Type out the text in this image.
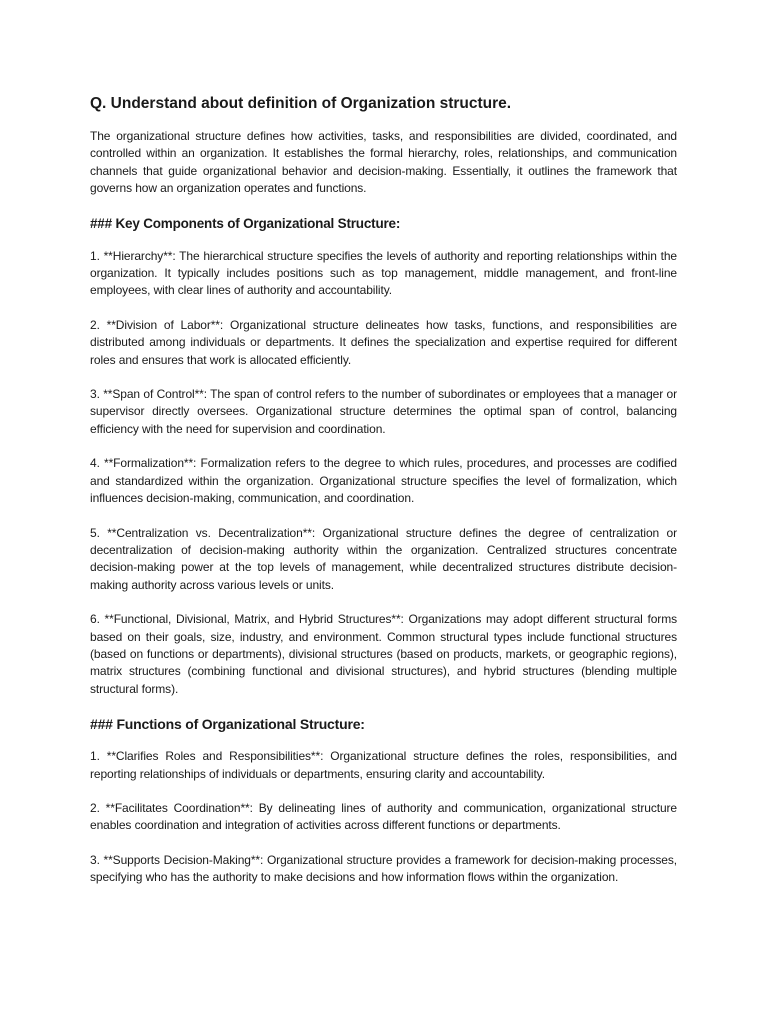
Q. Understand about definition of Organization structure.

The organizational structure defines how activities, tasks, and responsibilities are divided, coordinated, and controlled within an organization. It establishes the formal hierarchy, roles, relationships, and communication channels that guide organizational behavior and decision-making. Essentially, it outlines the framework that governs how an organization operates and functions.

### Key Components of Organizational Structure:

1. **Hierarchy**: The hierarchical structure specifies the levels of authority and reporting relationships within the organization. It typically includes positions such as top management, middle management, and front-line employees, with clear lines of authority and accountability.

2. **Division of Labor**: Organizational structure delineates how tasks, functions, and responsibilities are distributed among individuals or departments. It defines the specialization and expertise required for different roles and ensures that work is allocated efficiently.

3. **Span of Control**: The span of control refers to the number of subordinates or employees that a manager or supervisor directly oversees. Organizational structure determines the optimal span of control, balancing efficiency with the need for supervision and coordination.

4. **Formalization**: Formalization refers to the degree to which rules, procedures, and processes are codified and standardized within the organization. Organizational structure specifies the level of formalization, which influences decision-making, communication, and coordination.

5. **Centralization vs. Decentralization**: Organizational structure defines the degree of centralization or decentralization of decision-making authority within the organization. Centralized structures concentrate decision-making power at the top levels of management, while decentralized structures distribute decision-making authority across various levels or units.

6. **Functional, Divisional, Matrix, and Hybrid Structures**: Organizations may adopt different structural forms based on their goals, size, industry, and environment. Common structural types include functional structures (based on functions or departments), divisional structures (based on products, markets, or geographic regions), matrix structures (combining functional and divisional structures), and hybrid structures (blending multiple structural forms).

### Functions of Organizational Structure:

1. **Clarifies Roles and Responsibilities**: Organizational structure defines the roles, responsibilities, and reporting relationships of individuals or departments, ensuring clarity and accountability.

2. **Facilitates Coordination**: By delineating lines of authority and communication, organizational structure enables coordination and integration of activities across different functions or departments.

3. **Supports Decision-Making**: Organizational structure provides a framework for decision-making processes, specifying who has the authority to make decisions and how information flows within the organization.
